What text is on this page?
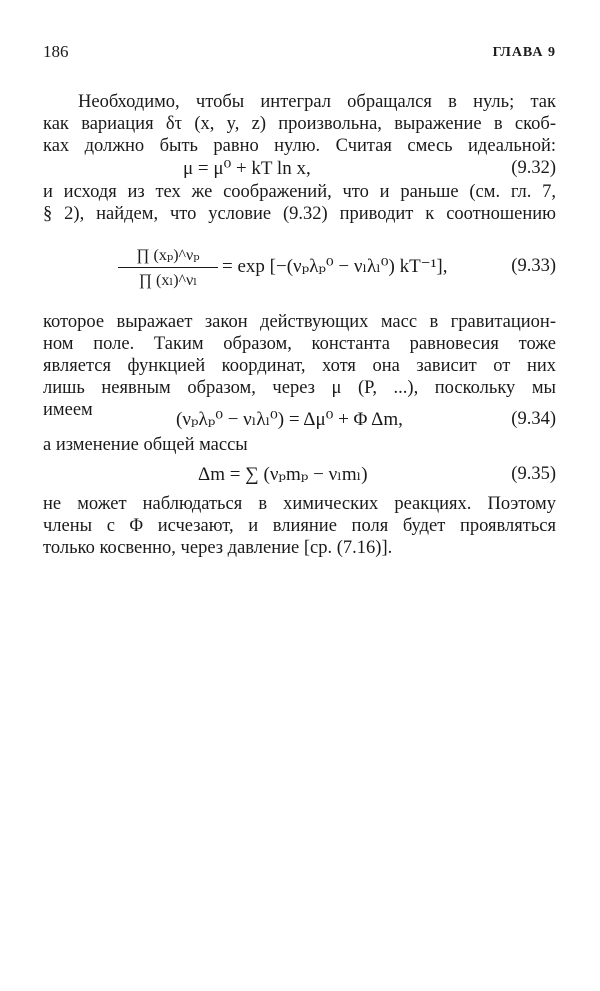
186	ГЛАВА 9
Необходимо, чтобы интеграл обращался в нуль; так
как вариация δτ (x, y, z) произвольна, выражение в скоб-
ках должно быть равно нулю. Считая смесь идеальной:
μ = μ⁰ + kT ln x,	(9.32)
и исходя из тех же соображений, что и раньше (см. гл. 7,
§ 2), найдем, что условие (9.32) приводит к соотношению
∏ (xₚ)^νₚ
∏ (xₗ)^νₗ
= exp [−(νₚλₚ⁰ − νₗλₗ⁰) kT⁻¹],	(9.33)
которое выражает закон действующих масс в гравитацион-
ном поле. Таким образом, константа равновесия тоже
является функцией координат, хотя она зависит от них
лишь неявным образом, через μ (P, ...), поскольку мы
имеем	(νₚλₚ⁰ − νₗλₗ⁰) = Δμ⁰ + Φ Δm,	(9.34)
а изменение общей массы
Δm = ∑ (νₚmₚ − νₗmₗ)	(9.35)
не может наблюдаться в химических реакциях. Поэтому
члены с Φ исчезают, и влияние поля будет проявляться
только косвенно, через давление [ср. (7.16)].
